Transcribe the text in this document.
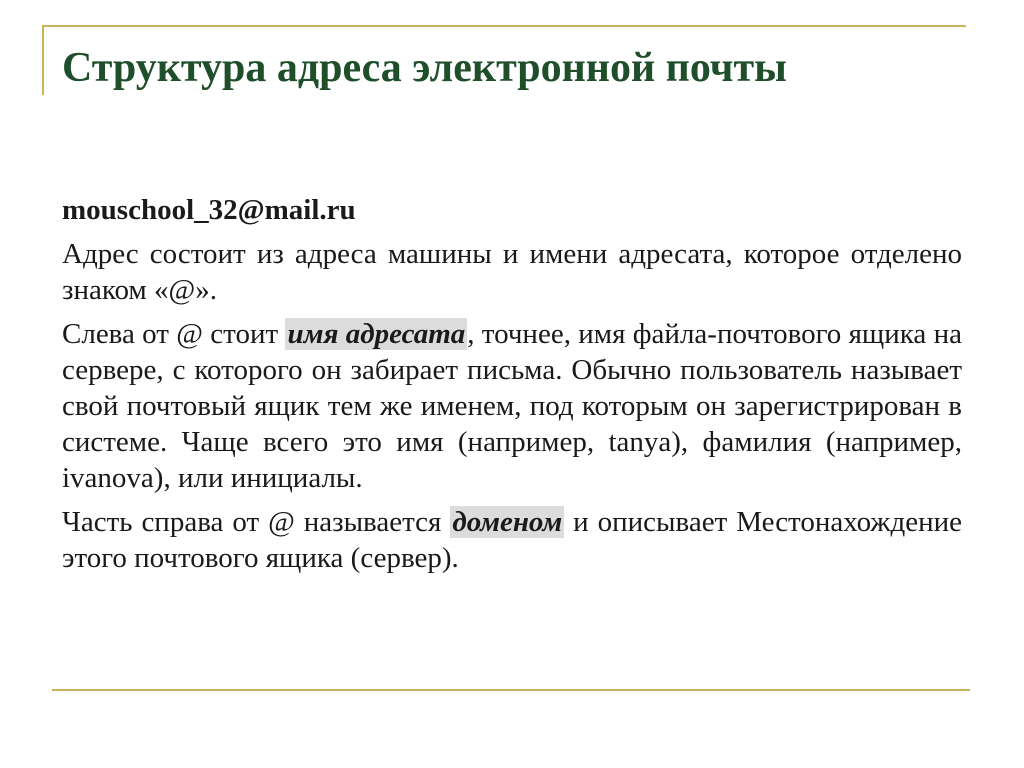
Структура адреса электронной почты

mouschool_32@mail.ru

Адрес состоит из адреса машины и имени адресата, которое отделено знаком «@».

Слева от @ стоит имя адресата, точнее, имя файла-почтового ящика на сервере, с которого он забирает письма. Обычно пользователь называет свой почтовый ящик тем же именем, под которым он зарегистрирован в системе. Чаще всего это имя (например, tanya), фамилия (например, ivanova), или инициалы.

Часть справа от @ называется доменом и описывает Местонахождение этого почтового ящика (сервер).
